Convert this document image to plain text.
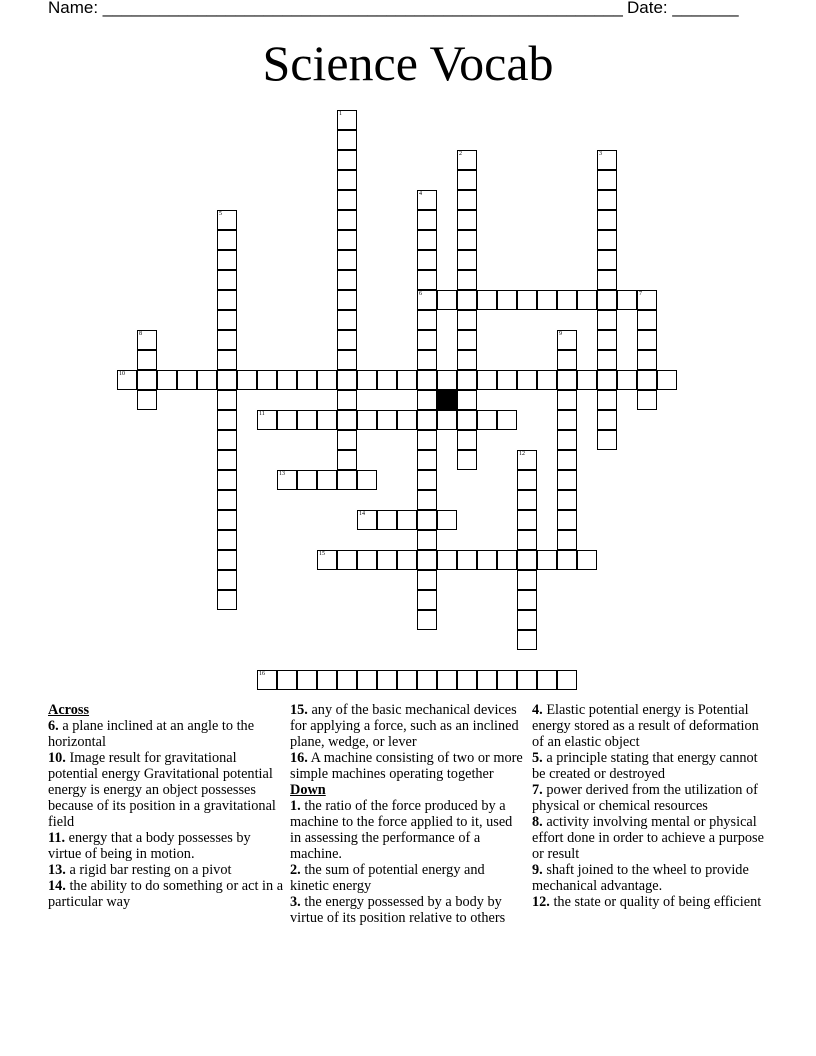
Name: _______________________________________________________ Date: _______
Science Vocab
1
2	3
4
6
5
7
8	9
10
11
12
13
14
15
16
Across

6. a plane inclined at an angle to the horizontal

10. Image result for gravitational potential energy Gravitational potential energy is energy an object possesses because of its position in a gravitational field

11. energy that a body possesses by virtue of being in motion.

13. a rigid bar resting on a pivot

14. the ability to do something or act in a particular way

15. any of the basic mechanical devices for applying a force, such as an inclined plane, wedge, or lever

16. A machine consisting of two or more simple machines operating together

Down

1. the ratio of the force produced by a machine to the force applied to it, used in assessing the performance of a machine.

2. the sum of potential energy and kinetic energy

3. the energy possessed by a body by virtue of its position relative to others

4. Elastic potential energy is Potential energy stored as a result of deformation of an elastic object

5. a principle stating that energy cannot be created or destroyed

7. power derived from the utilization of physical or chemical resources

8. activity involving mental or physical effort done in order to achieve a purpose or result

9. shaft joined to the wheel to provide mechanical advantage.

12. the state or quality of being efficient
